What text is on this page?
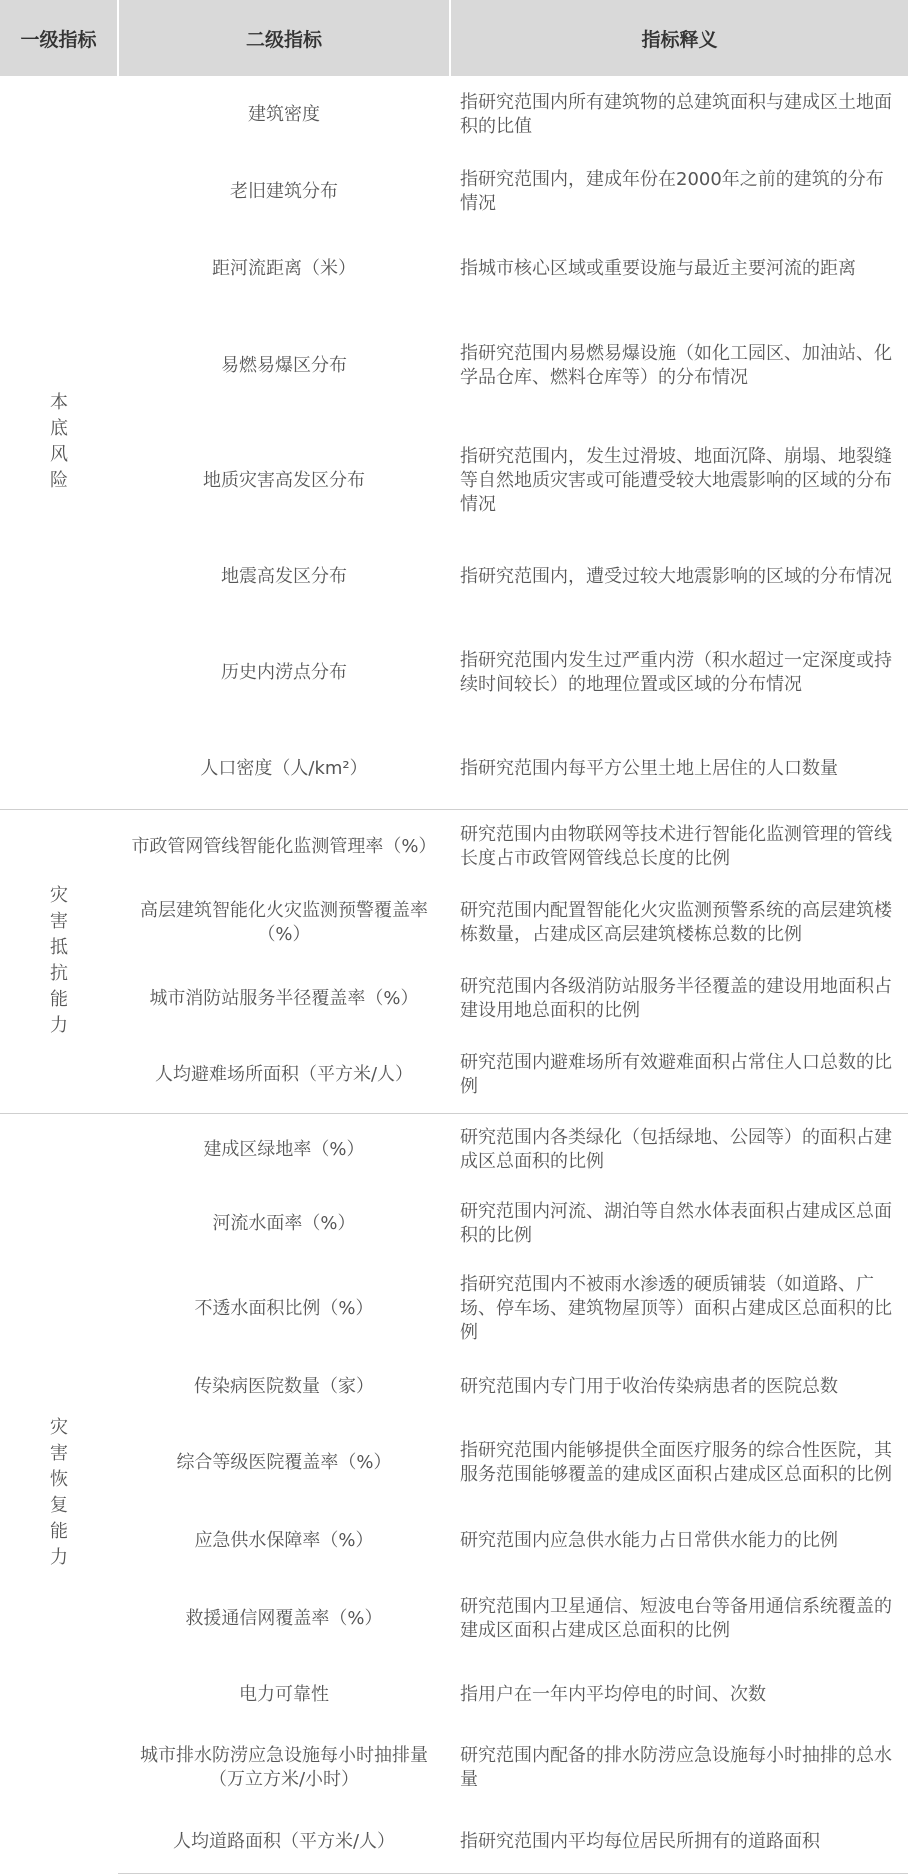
一级指标	二级指标	指标释义
本底风险	建筑密度	指研究范围内所有建筑物的总建筑面积与建成区土地面积的比值
	老旧建筑分布	指研究范围内，建成年份在2000年之前的建筑的分布情况
	距河流距离（米）	指城市核心区域或重要设施与最近主要河流的距离
	易燃易爆区分布	指研究范围内易燃易爆设施（如化工园区、加油站、化学品仓库、燃料仓库等）的分布情况
	地质灾害高发区分布	指研究范围内，发生过滑坡、地面沉降、崩塌、地裂缝等自然地质灾害或可能遭受较大地震影响的区域的分布情况
	地震高发区分布	指研究范围内，遭受过较大地震影响的区域的分布情况
	历史内涝点分布	指研究范围内发生过严重内涝（积水超过一定深度或持续时间较长）的地理位置或区域的分布情况
	人口密度（人/km²）	指研究范围内每平方公里土地上居住的人口数量
灾害抵抗能力	市政管网管线智能化监测管理率（%）	研究范围内由物联网等技术进行智能化监测管理的管线长度占市政管网管线总长度的比例
	高层建筑智能化火灾监测预警覆盖率（%）	研究范围内配置智能化火灾监测预警系统的高层建筑楼栋数量，占建成区高层建筑楼栋总数的比例
	城市消防站服务半径覆盖率（%）	研究范围内各级消防站服务半径覆盖的建设用地面积占建设用地总面积的比例
	人均避难场所面积（平方米/人）	研究范围内避难场所有效避难面积占常住人口总数的比例
灾害恢复能力	建成区绿地率（%）	研究范围内各类绿化（包括绿地、公园等）的面积占建成区总面积的比例
	河流水面率（%）	研究范围内河流、湖泊等自然水体表面积占建成区总面积的比例
	不透水面积比例（%）	指研究范围内不被雨水渗透的硬质铺装（如道路、广场、停车场、建筑物屋顶等）面积占建成区总面积的比例
	传染病医院数量（家）	研究范围内专门用于收治传染病患者的医院总数
	综合等级医院覆盖率（%）	指研究范围内能够提供全面医疗服务的综合性医院，其服务范围能够覆盖的建成区面积占建成区总面积的比例
	应急供水保障率（%）	研究范围内应急供水能力占日常供水能力的比例
	救援通信网覆盖率（%）	研究范围内卫星通信、短波电台等备用通信系统覆盖的建成区面积占建成区总面积的比例
	电力可靠性	指用户在一年内平均停电的时间、次数
	城市排水防涝应急设施每小时抽排量（万立方米/小时）	研究范围内配备的排水防涝应急设施每小时抽排的总水量
	人均道路面积（平方米/人）	指研究范围内平均每位居民所拥有的道路面积
